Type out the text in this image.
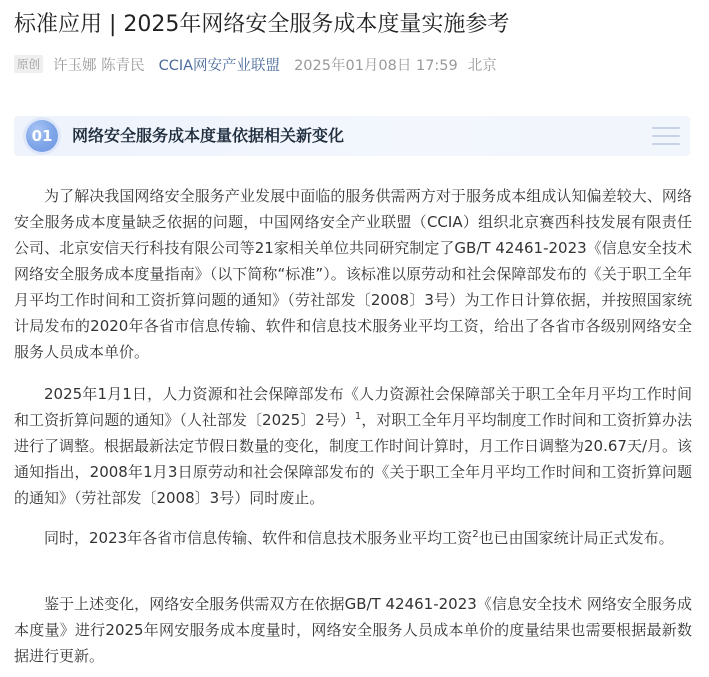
标准应用 | 2025年网络安全服务成本度量实施参考
原创 许玉娜 陈青民 CCIA网安产业联盟 2025年01月08日 17:59 北京
01	网络安全服务成本度量依据相关新变化

为了解决我国网络安全服务产业发展中面临的服务供需两方对于服务成本组成认知偏差较大、网络安全服务成本度量缺乏依据的问题，中国网络安全产业联盟（CCIA）组织北京赛西科技发展有限责任公司、北京安信天行科技有限公司等21家相关单位共同研究制定了GB/T 42461-2023《信息安全技术 网络安全服务成本度量指南》（以下简称“标准”）。该标准以原劳动和社会保障部发布的《关于职工全年月平均工作时间和工资折算问题的通知》（劳社部发〔2008〕3号）为工作日计算依据，并按照国家统计局发布的2020年各省市信息传输、软件和信息技术服务业平均工资，给出了各省市各级别网络安全服务人员成本单价。

2025年1月1日，人力资源和社会保障部发布《人力资源社会保障部关于职工全年月平均工作时间和工资折算问题的通知》（人社部发〔2025〕2号）$^1$，对职工全年月平均制度工作时间和工资折算办法进行了调整。根据最新法定节假日数量的变化，制度工作时间计算时，月工作日调整为20.67天/月。该通知指出，2008年1月3日原劳动和社会保障部发布的《关于职工全年月平均工作时间和工资折算问题的通知》（劳社部发〔2008〕3号）同时废止。

同时，2023年各省市信息传输、软件和信息技术服务业平均工资$^2$也已由国家统计局正式发布。

鉴于上述变化，网络安全服务供需双方在依据GB/T 42461-2023《信息安全技术 网络安全服务成本度量》进行2025年网安服务成本度量时，网络安全服务人员成本单价的度量结果也需要根据最新数据进行更新。
